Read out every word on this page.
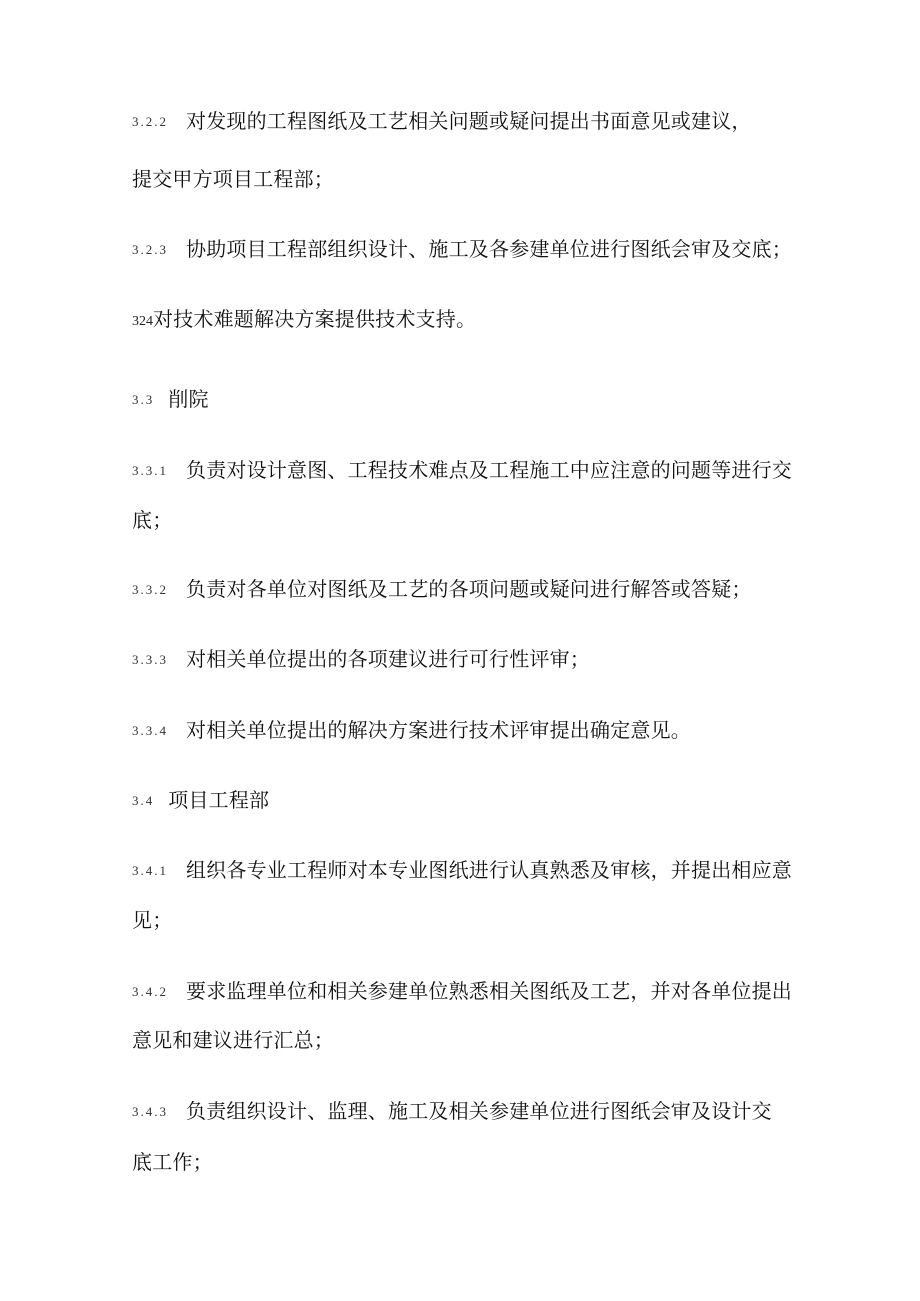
3.2.2 对发现的工程图纸及工艺相关问题或疑问提出书面意见或建议，
提交甲方项目工程部；
3.2.3 协助项目工程部组织设计、施工及各参建单位进行图纸会审及交底；
324对技术难题解决方案提供技术支持。
3.3 削院
3.3.1 负责对设计意图、工程技术难点及工程施工中应注意的问题等进行交
底；
3.3.2 负责对各单位对图纸及工艺的各项问题或疑问进行解答或答疑；
3.3.3 对相关单位提出的各项建议进行可行性评审；
3.3.4 对相关单位提出的解决方案进行技术评审提出确定意见。
3.4 项目工程部
3.4.1 组织各专业工程师对本专业图纸进行认真熟悉及审核，并提出相应意
见；
3.4.2 要求监理单位和相关参建单位熟悉相关图纸及工艺，并对各单位提出
意见和建议进行汇总；
3.4.3 负责组织设计、监理、施工及相关参建单位进行图纸会审及设计交
底工作；
